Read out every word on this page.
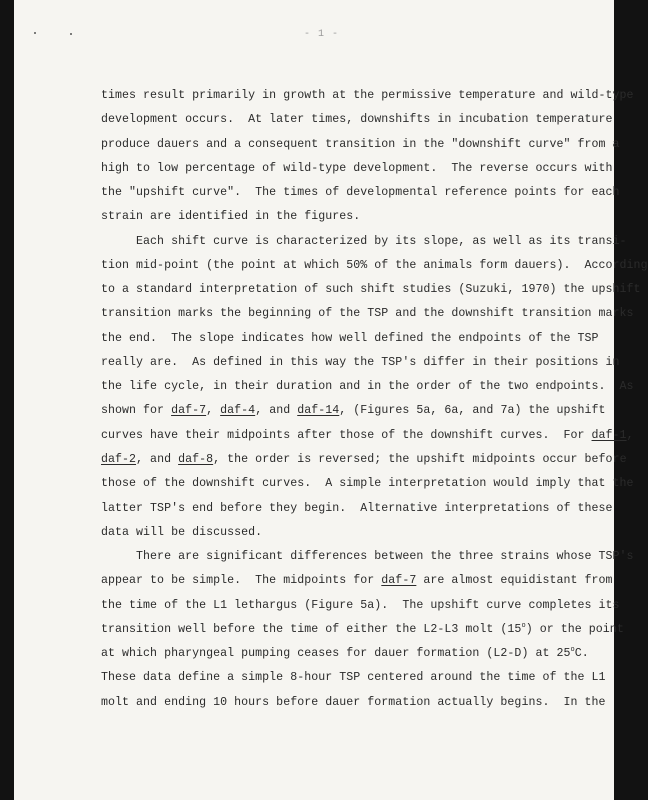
- 1 -
times result primarily in growth at the permissive temperature and wild-type
development occurs.  At later times, downshifts in incubation temperature
produce dauers and a consequent transition in the "downshift curve" from a
high to low percentage of wild-type development.  The reverse occurs with
the "upshift curve".  The times of developmental reference points for each
strain are identified in the figures.
Each shift curve is characterized by its slope, as well as its transi-
tion mid-point (the point at which 50% of the animals form dauers).  According
to a standard interpretation of such shift studies (Suzuki, 1970) the upshift
transition marks the beginning of the TSP and the downshift transition marks
the end.  The slope indicates how well defined the endpoints of the TSP
really are.  As defined in this way the TSP's differ in their positions in
the life cycle, in their duration and in the order of the two endpoints.  As
shown for daf-7, daf-4, and daf-14, (Figures 5a, 6a, and 7a) the upshift
curves have their midpoints after those of the downshift curves.  For daf-1,
daf-2, and daf-8, the order is reversed; the upshift midpoints occur before
those of the downshift curves.  A simple interpretation would imply that the
latter TSP's end before they begin.  Alternative interpretations of these
data will be discussed.
There are significant differences between the three strains whose TSP's
appear to be simple.  The midpoints for daf-7 are almost equidistant from
the time of the L1 lethargus (Figure 5a).  The upshift curve completes its
transition well before the time of either the L2-L3 molt (15$^o$) or the point
at which pharyngeal pumping ceases for dauer formation (L2-D) at 25$^o$C.
These data define a simple 8-hour TSP centered around the time of the L1
molt and ending 10 hours before dauer formation actually begins.  In the
